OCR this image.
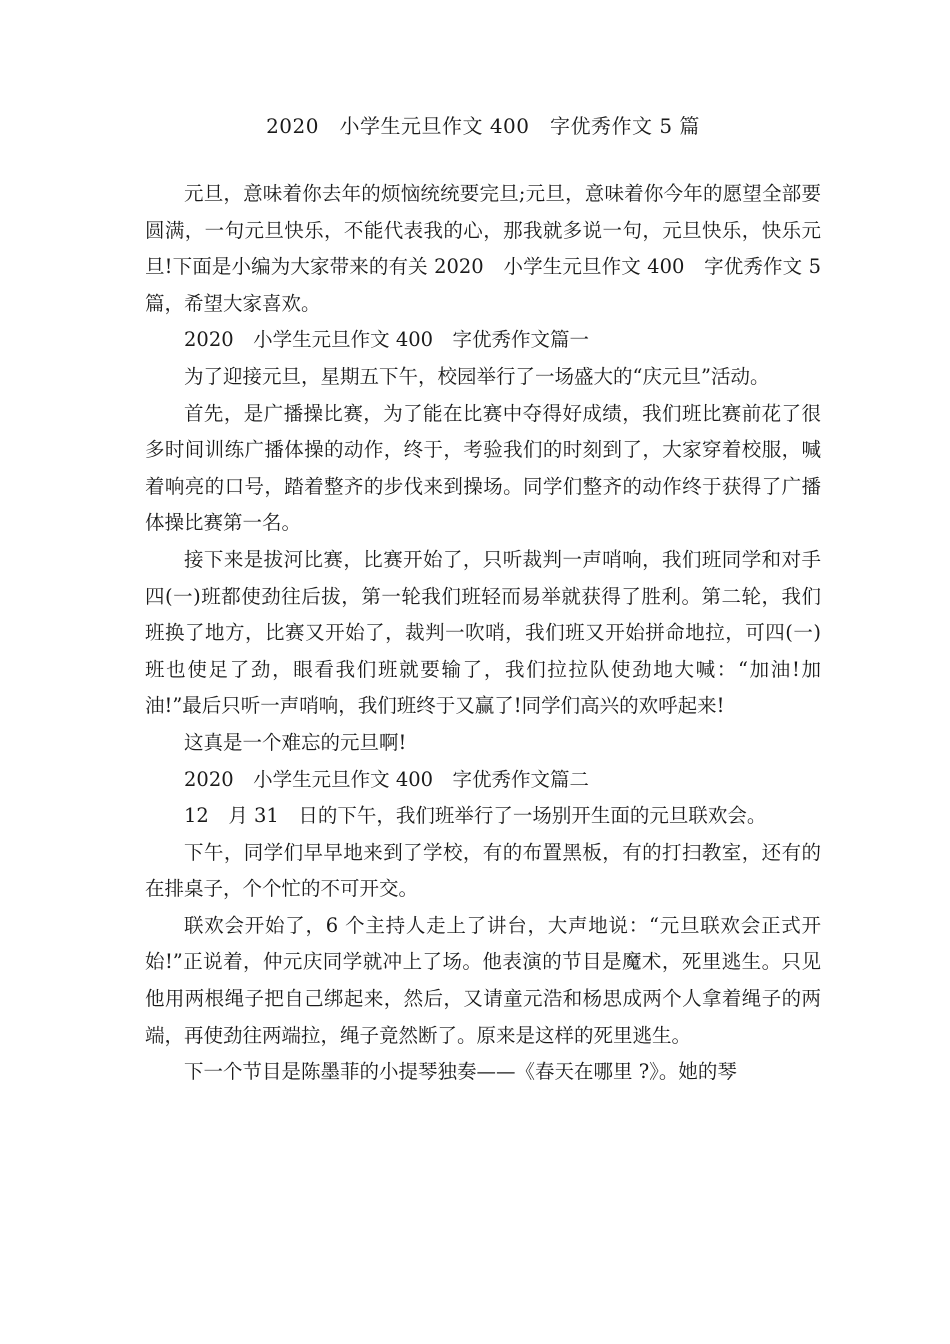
2020　小学生元旦作文 400　字优秀作文 5 篇

元旦，意味着你去年的烦恼统统要完旦;元旦，意味着你今年的愿望全部要圆满，一句元旦快乐，不能代表我的心，那我就多说一句，元旦快乐，快乐元旦!下面是小编为大家带来的有关 2020　小学生元旦作文 400　字优秀作文 5 篇，希望大家喜欢。

2020　小学生元旦作文 400　字优秀作文篇一

为了迎接元旦，星期五下午，校园举行了一场盛大的“庆元旦”活动。

首先，是广播操比赛，为了能在比赛中夺得好成绩，我们班比赛前花了很多时间训练广播体操的动作，终于，考验我们的时刻到了，大家穿着校服，喊着响亮的口号，踏着整齐的步伐来到操场。同学们整齐的动作终于获得了广播体操比赛第一名。

接下来是拔河比赛，比赛开始了，只听裁判一声哨响，我们班同学和对手四(一)班都使劲往后拔，第一轮我们班轻而易举就获得了胜利。第二轮，我们班换了地方，比赛又开始了，裁判一吹哨，我们班又开始拼命地拉，可四(一)班也使足了劲，眼看我们班就要输了，我们拉拉队使劲地大喊：“加油!加油!”最后只听一声哨响，我们班终于又赢了!同学们高兴的欢呼起来!

这真是一个难忘的元旦啊!

2020　小学生元旦作文 400　字优秀作文篇二

12　月 31　日的下午，我们班举行了一场别开生面的元旦联欢会。

下午，同学们早早地来到了学校，有的布置黑板，有的打扫教室，还有的在排桌子，个个忙的不可开交。

联欢会开始了，6 个主持人走上了讲台，大声地说：“元旦联欢会正式开始!”正说着，仲元庆同学就冲上了场。他表演的节目是魔术，死里逃生。只见他用两根绳子把自己绑起来，然后，又请童元浩和杨思成两个人拿着绳子的两端，再使劲往两端拉，绳子竟然断了。原来是这样的死里逃生。

下一个节目是陈墨菲的小提琴独奏——《春天在哪里 ?》。她的琴
